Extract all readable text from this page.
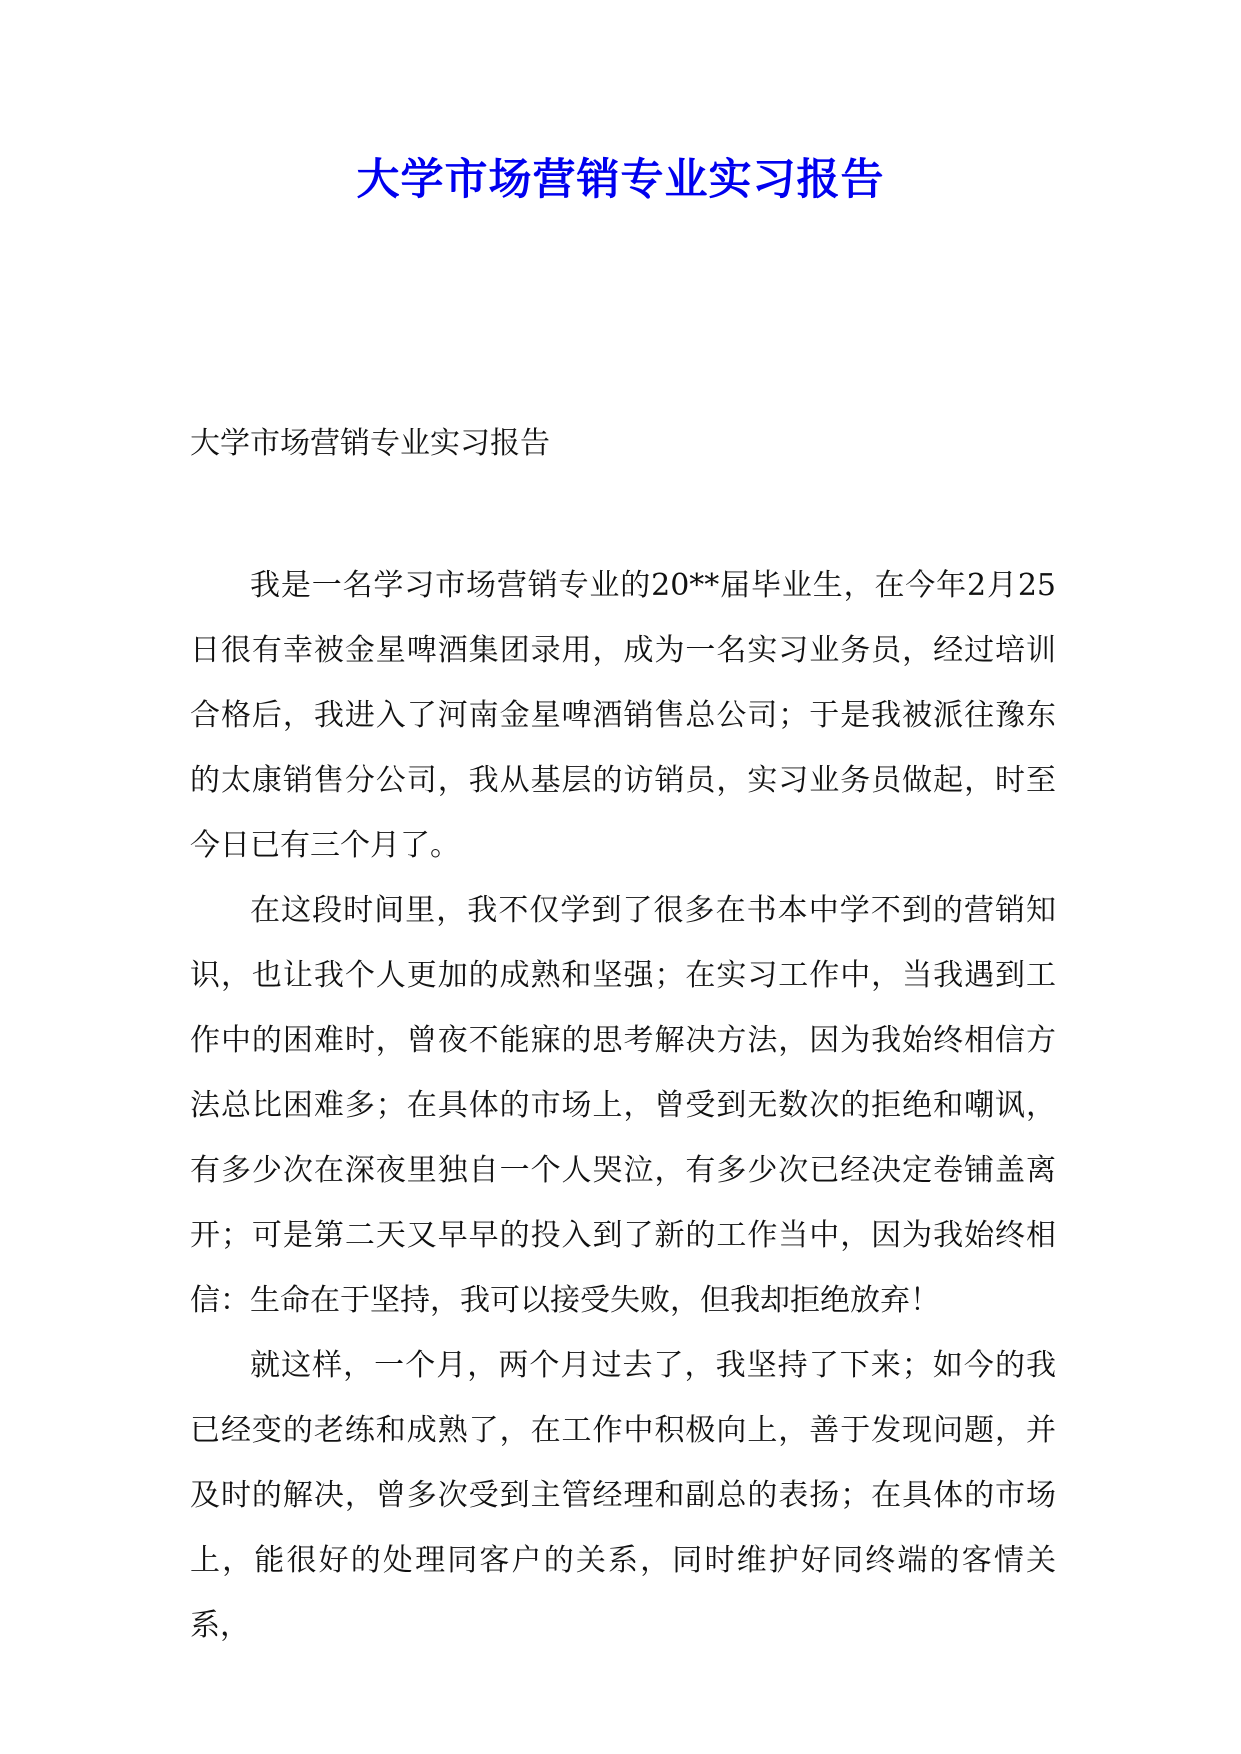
大学市场营销专业实习报告

大学市场营销专业实习报告

我是一名学习市场营销专业的20**届毕业生，在今年2月25日很有幸被金星啤酒集团录用，成为一名实习业务员，经过培训合格后，我进入了河南金星啤酒销售总公司；于是我被派往豫东的太康销售分公司，我从基层的访销员，实习业务员做起，时至今日已有三个月了。

在这段时间里，我不仅学到了很多在书本中学不到的营销知识，也让我个人更加的成熟和坚强；在实习工作中，当我遇到工作中的困难时，曾夜不能寐的思考解决方法，因为我始终相信方法总比困难多；在具体的市场上，曾受到无数次的拒绝和嘲讽，有多少次在深夜里独自一个人哭泣，有多少次已经决定卷铺盖离开；可是第二天又早早的投入到了新的工作当中，因为我始终相信：生命在于坚持，我可以接受失败，但我却拒绝放弃！

就这样，一个月，两个月过去了，我坚持了下来；如今的我已经变的老练和成熟了，在工作中积极向上，善于发现问题，并及时的解决，曾多次受到主管经理和副总的表扬；在具体的市场上，能很好的处理同客户的关系，同时维护好同终端的客情关系，
